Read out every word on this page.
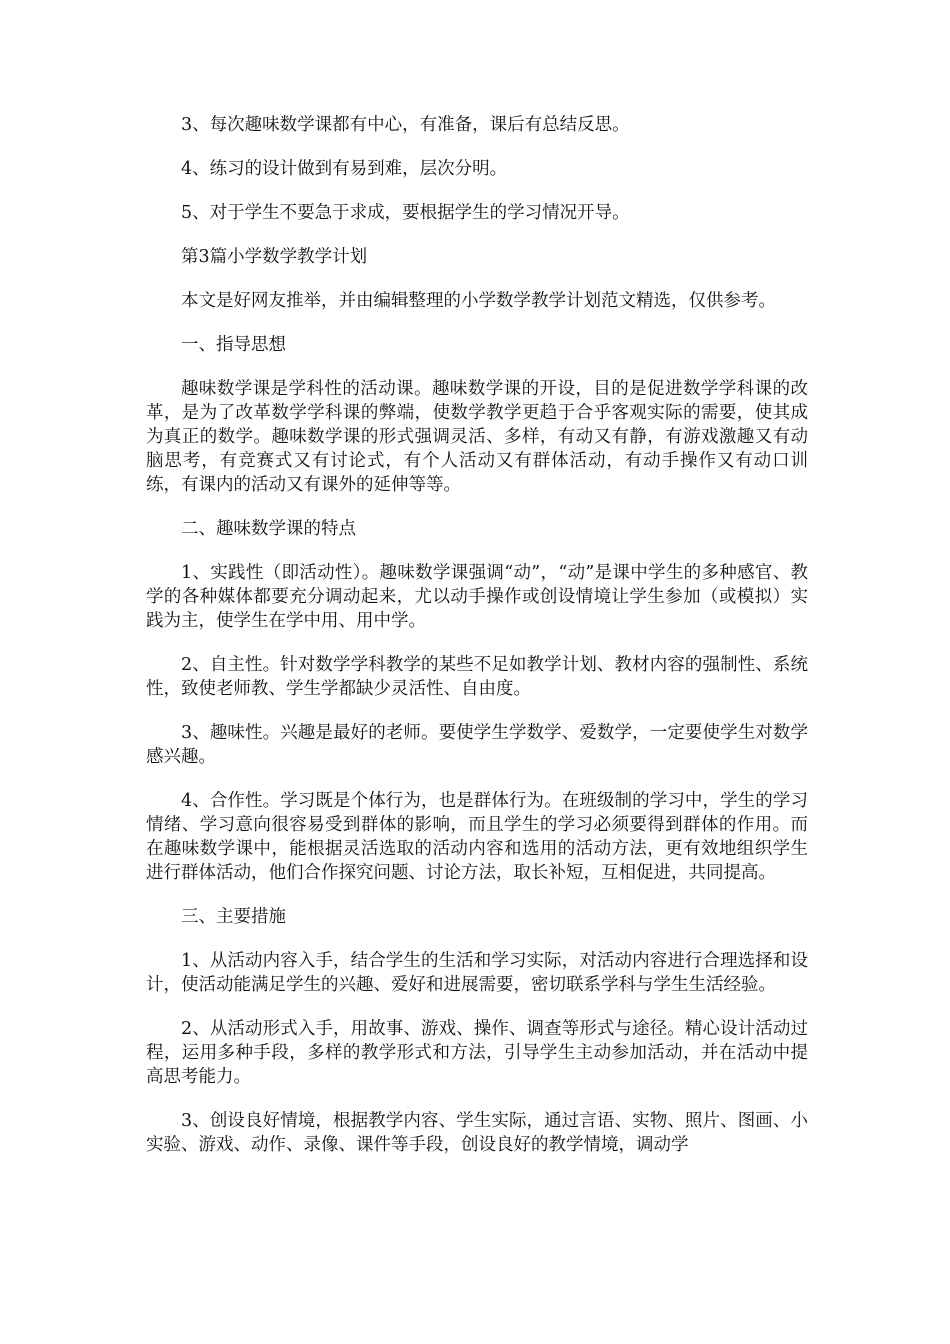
3、每次趣味数学课都有中心，有准备，课后有总结反思。

4、练习的设计做到有易到难，层次分明。

5、对于学生不要急于求成，要根据学生的学习情况开导。

第3篇小学数学教学计划

本文是好网友推举，并由编辑整理的小学数学教学计划范文精选，仅供参考。

一、指导思想

趣味数学课是学科性的活动课。趣味数学课的开设，目的是促进数学学科课的改革，是为了改革数学学科课的弊端，使数学教学更趋于合乎客观实际的需要，使其成为真正的数学。趣味数学课的形式强调灵活、多样，有动又有静，有游戏激趣又有动脑思考，有竞赛式又有讨论式，有个人活动又有群体活动，有动手操作又有动口训练，有课内的活动又有课外的延伸等等。

二、趣味数学课的特点

1、实践性（即活动性）。趣味数学课强调“动”，“动”是课中学生的多种感官、教学的各种媒体都要充分调动起来，尤以动手操作或创设情境让学生参加（或模拟）实践为主，使学生在学中用、用中学。

2、自主性。针对数学学科教学的某些不足如教学计划、教材内容的强制性、系统性，致使老师教、学生学都缺少灵活性、自由度。

3、趣味性。兴趣是最好的老师。要使学生学数学、爱数学，一定要使学生对数学感兴趣。

4、合作性。学习既是个体行为，也是群体行为。在班级制的学习中，学生的学习情绪、学习意向很容易受到群体的影响，而且学生的学习必须要得到群体的作用。而在趣味数学课中，能根据灵活选取的活动内容和选用的活动方法，更有效地组织学生进行群体活动，他们合作探究问题、讨论方法，取长补短，互相促进，共同提高。

三、主要措施

1、从活动内容入手，结合学生的生活和学习实际，对活动内容进行合理选择和设计，使活动能满足学生的兴趣、爱好和进展需要，密切联系学科与学生生活经验。

2、从活动形式入手，用故事、游戏、操作、调查等形式与途径。精心设计活动过程，运用多种手段，多样的教学形式和方法，引导学生主动参加活动，并在活动中提高思考能力。

3、创设良好情境，根据教学内容、学生实际，通过言语、实物、照片、图画、小实验、游戏、动作、录像、课件等手段，创设良好的教学情境，调动学
